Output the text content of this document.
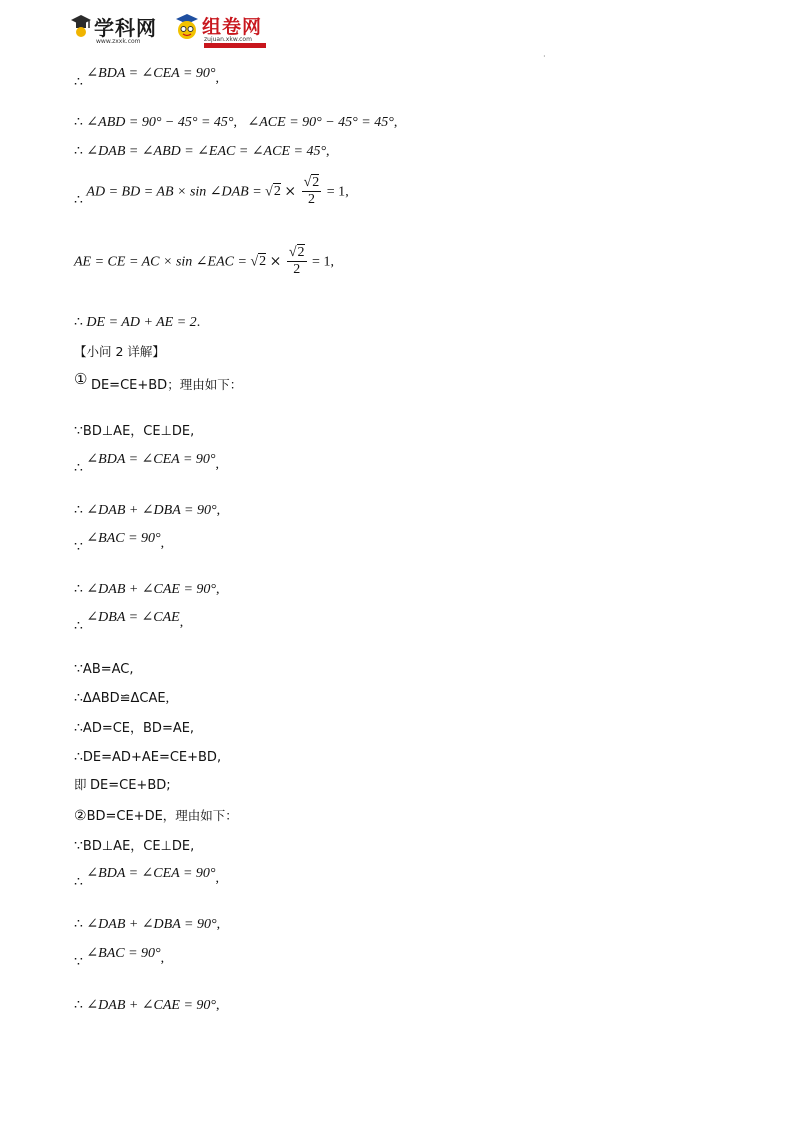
学科网
www.zxxk.com
组卷网
zujuan.xkw.com
·
∴ ∠BDA = ∠CEA = 90°,
∴ ∠ABD = 90° − 45° = 45°,   ∠ACE = 90° − 45° = 45°,
∴ ∠DAB = ∠ABD = ∠EAC = ∠ACE = 45°,
∴ AD = BD = AB × sin ∠DAB = $√2 \times \frac{√2}{2} = 1$,
AE = CE = AC × sin ∠EAC = $√2 \times \frac{√2}{2} = 1$,
∴ DE = AD + AE = 2.
【小问 2 详解】
① DE=CE+BD；理由如下：
∵BD⊥AE，CE⊥DE,
∴ ∠BDA = ∠CEA = 90°,
∴ ∠DAB + ∠DBA = 90°,
∵ ∠BAC = 90°,
∴ ∠DAB + ∠CAE = 90°,
∴ ∠DBA = ∠CAE,
∵AB=AC,
∴ΔABD≌ΔCAE,
∴AD=CE，BD=AE,
∴DE=AD+AE=CE+BD,
即 DE=CE+BD;
②BD=CE+DE，理由如下：
∵BD⊥AE，CE⊥DE,
∴ ∠BDA = ∠CEA = 90°,
∴ ∠DAB + ∠DBA = 90°,
∵ ∠BAC = 90°,
∴ ∠DAB + ∠CAE = 90°,
